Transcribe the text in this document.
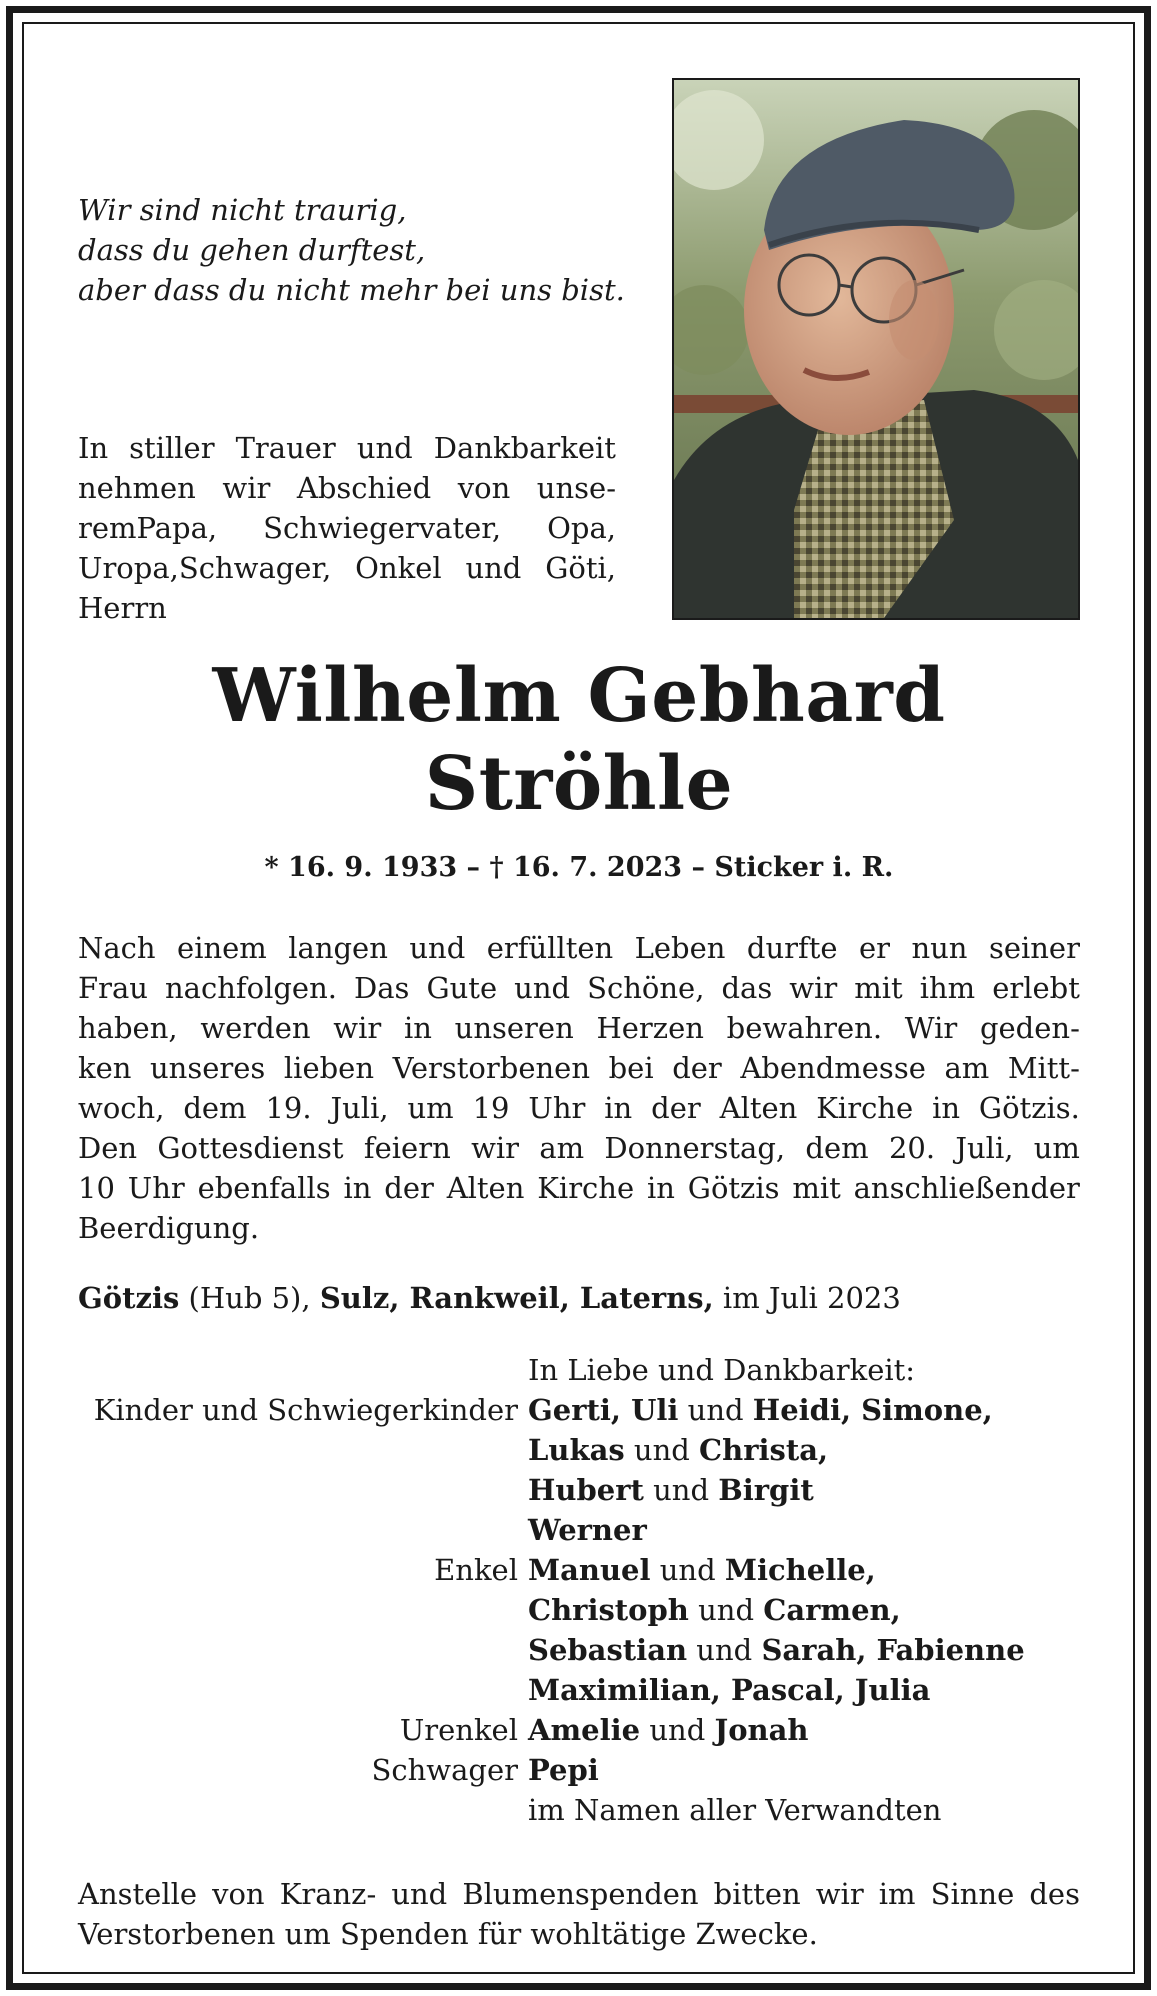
Wir sind nicht traurig,
dass du gehen durftest,
aber dass du nicht mehr bei uns bist.
In stiller Trauer und Dankbarkeit
nehmen wir Abschied von unse-
remPapa, Schwiegervater, Opa,
Uropa,Schwager, Onkel und Göti,
Herrn
Wilhelm Gebhard
Ströhle
* 16. 9. 1933 – † 16. 7. 2023 – Sticker i. R.
Nach einem langen und erfüllten Leben durfte er nun seiner
Frau nachfolgen. Das Gute und Schöne, das wir mit ihm erlebt
haben, werden wir in unseren Herzen bewahren. Wir geden-
ken unseres lieben Verstorbenen bei der Abendmesse am Mitt-
woch, dem 19. Juli, um 19 Uhr in der Alten Kirche in Götzis.
Den Gottesdienst feiern wir am Donnerstag, dem 20. Juli, um
10 Uhr ebenfalls in der Alten Kirche in Götzis mit anschließender
Beerdigung.
Götzis (Hub 5), Sulz, Rankweil, Laterns, im Juli 2023
In Liebe und Dankbarkeit:
Kinder und Schwiegerkinder Gerti, Uli und Heidi, Simone,
Lukas und Christa,
Hubert und Birgit
Werner
Enkel Manuel und Michelle,
Christoph und Carmen,
Sebastian und Sarah, Fabienne
Maximilian, Pascal, Julia
Urenkel Amelie und Jonah
Schwager Pepi
im Namen aller Verwandten
Anstelle von Kranz- und Blumenspenden bitten wir im Sinne des
Verstorbenen um Spenden für wohltätige Zwecke.
